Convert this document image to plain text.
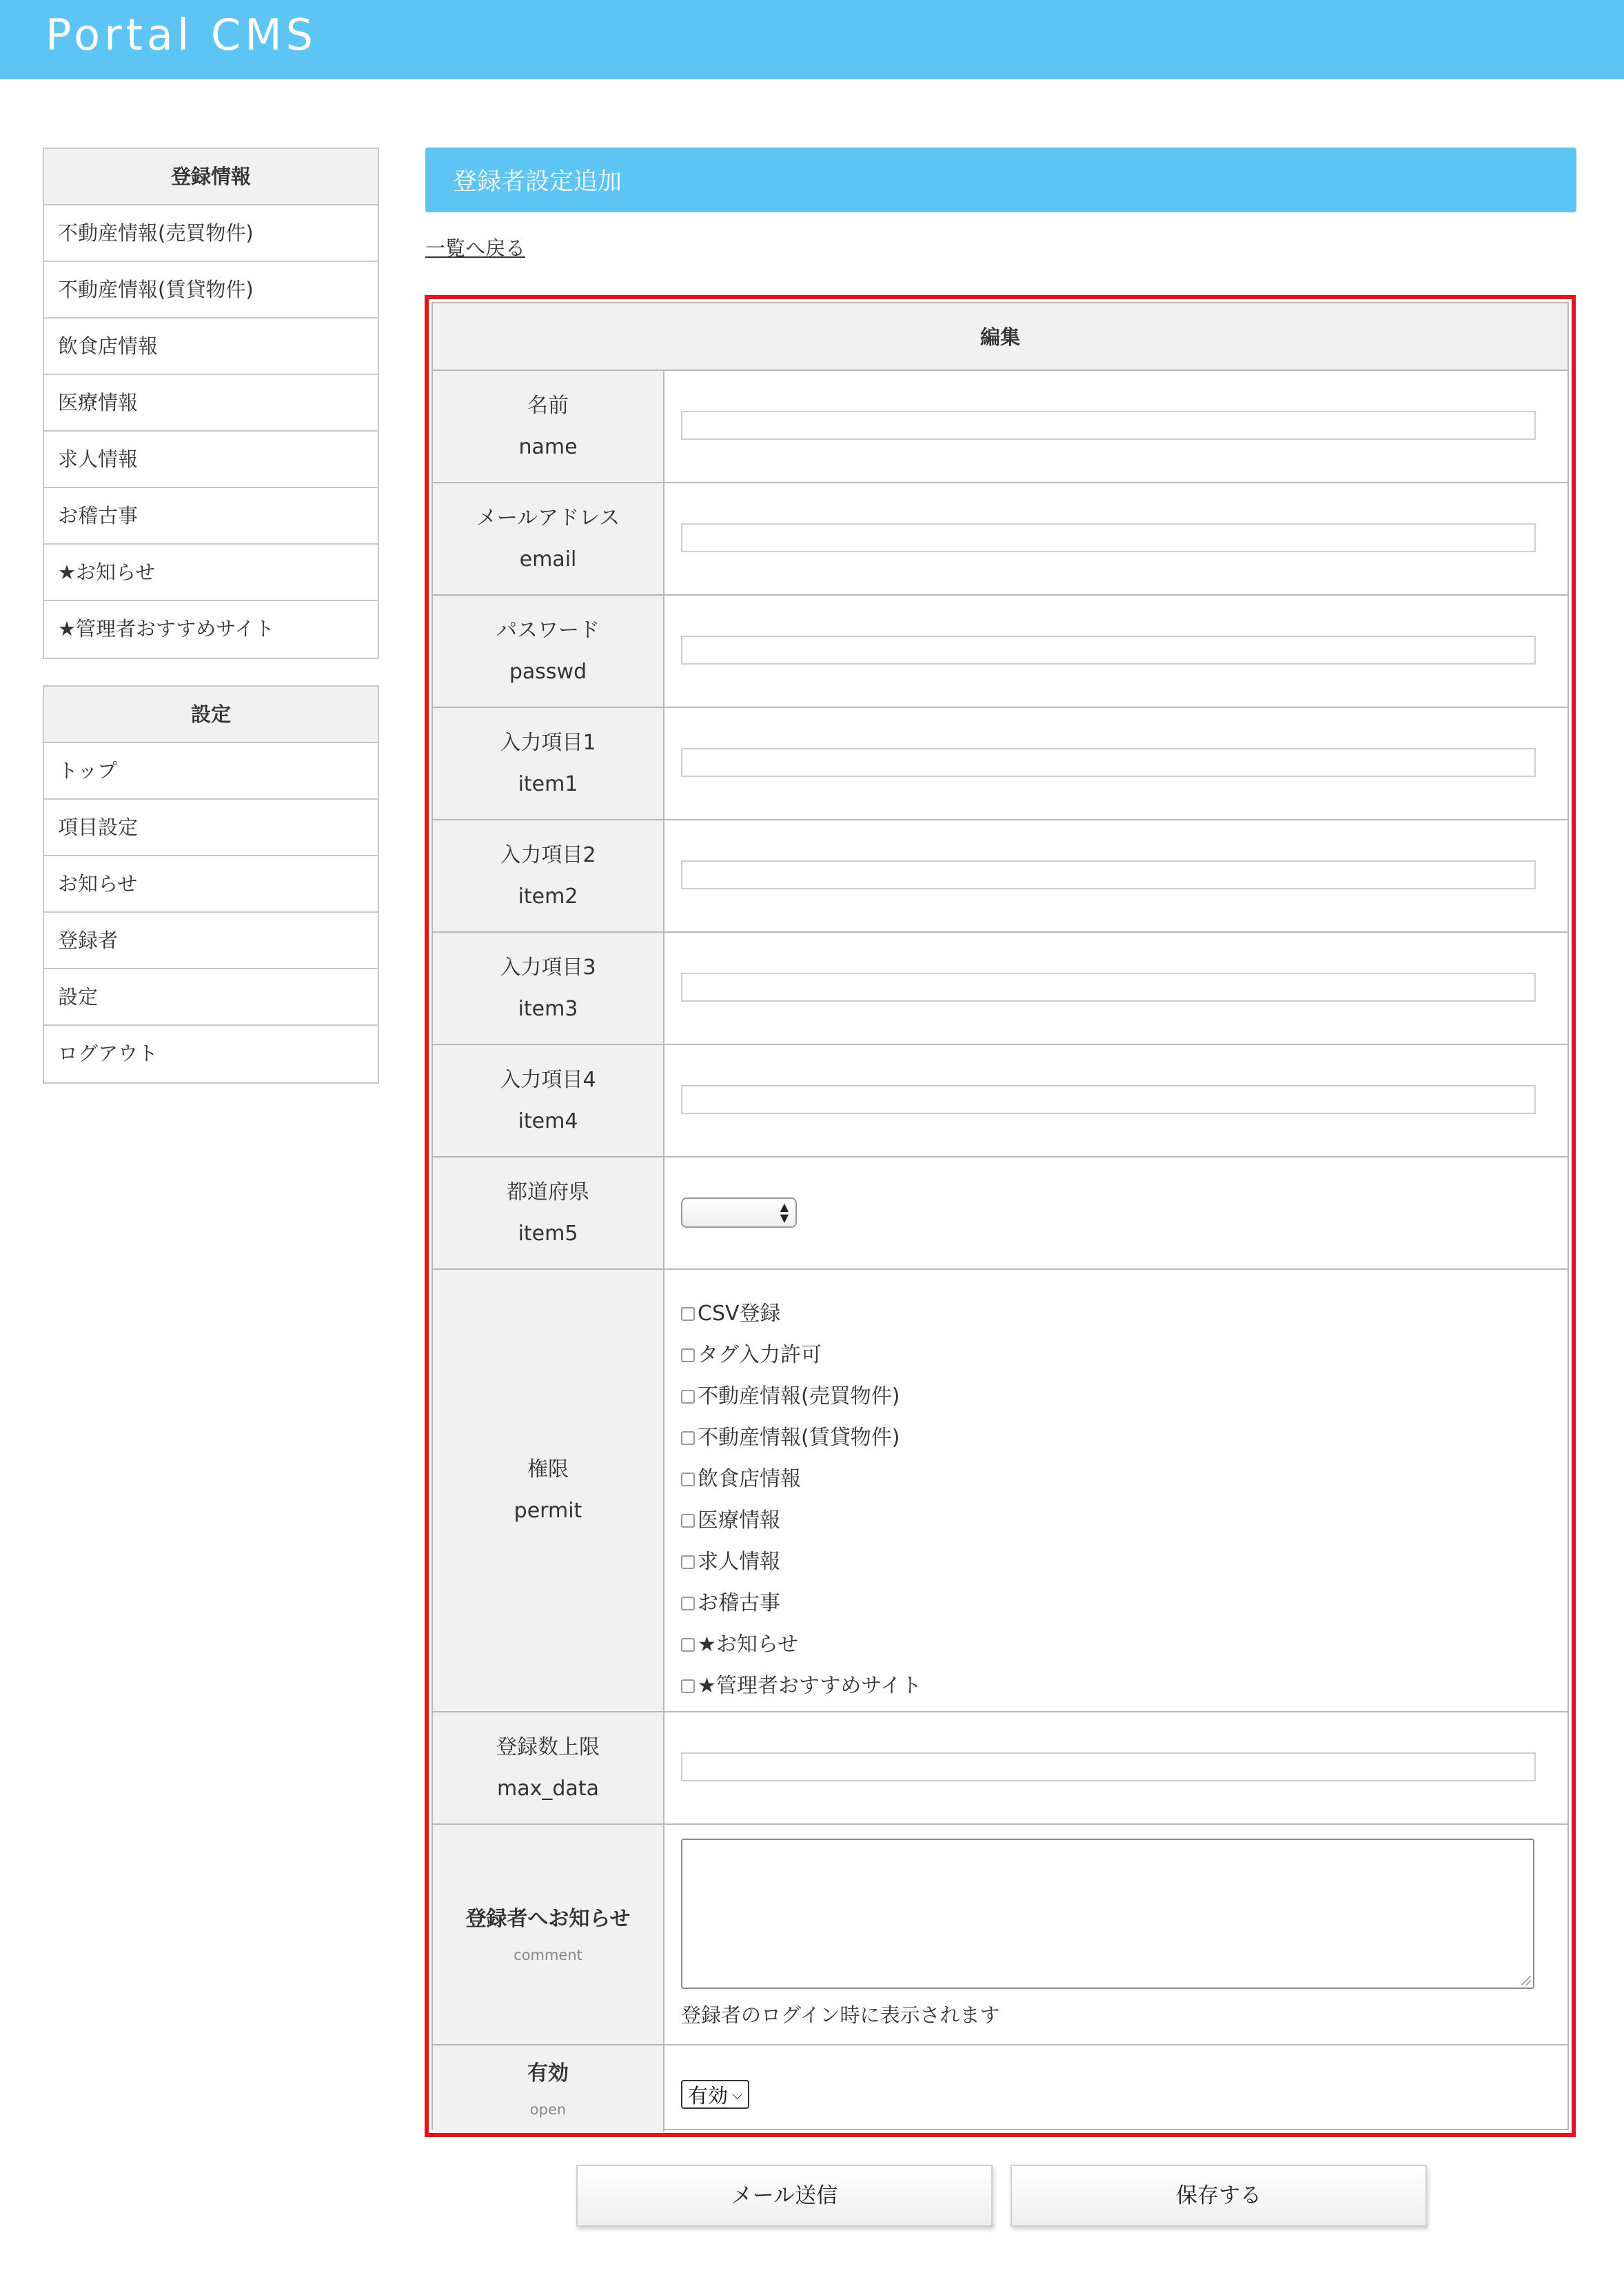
Portal CMS
登録情報
不動産情報(売買物件)
不動産情報(賃貸物件)
飲食店情報
医療情報
求人情報
お稽古事
★お知らせ
★管理者おすすめサイト
設定
トップ
項目設定
お知らせ
登録者
設定
ログアウト
登録者設定追加
一覧へ戻る
編集
名前
name
メールアドレス
email
パスワード
passwd
入力項目1
item1
入力項目2
item2
入力項目3
item3
入力項目4
item4
都道府県
item5
▲
▼
権限
permit
CSV登録
タグ入力許可
不動産情報(売買物件)
不動産情報(賃貸物件)
飲食店情報
医療情報
求人情報
お稽古事
★お知らせ
★管理者おすすめサイト
登録数上限
max_data
登録者へお知らせ
comment
登録者のログイン時に表示されます
有効
open
有効 ⌵
メール送信	保存する
